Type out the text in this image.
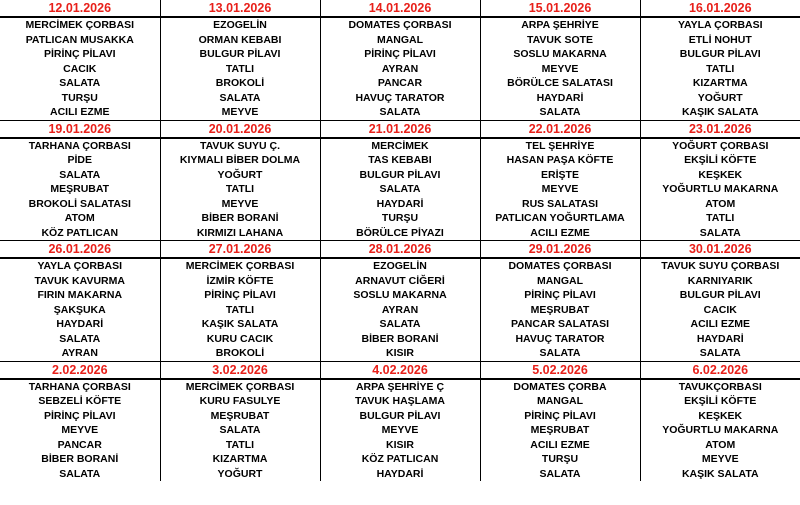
12.01.2026	13.01.2026	14.01.2026	15.01.2026	16.01.2026
MERCİMEK ÇORBASI	EZOGELİN	DOMATES ÇORBASI	ARPA ŞEHRİYE	YAYLA ÇORBASI
PATLICAN MUSAKKA	ORMAN KEBABI	MANGAL	TAVUK SOTE	ETLİ NOHUT
PİRİNÇ PİLAVI	BULGUR PİLAVI	PİRİNÇ PİLAVI	SOSLU MAKARNA	BULGUR PİLAVI
CACIK	TATLI	AYRAN	MEYVE	TATLI
SALATA	BROKOLİ	PANCAR	BÖRÜLCE SALATASI	KIZARTMA
TURŞU	SALATA	HAVUÇ TARATOR	HAYDARİ	YOĞURT
ACILI EZME	MEYVE	SALATA	SALATA	KAŞIK SALATA
19.01.2026	20.01.2026	21.01.2026	22.01.2026	23.01.2026
TARHANA ÇORBASI	TAVUK SUYU Ç.	MERCİMEK	TEL ŞEHRİYE	YOĞURT ÇORBASI
PİDE	KIYMALI BİBER DOLMA	TAS KEBABI	HASAN PAŞA KÖFTE	EKŞİLİ KÖFTE
SALATA	YOĞURT	BULGUR PİLAVI	ERİŞTE	KEŞKEK
MEŞRUBAT	TATLI	SALATA	MEYVE	YOĞURTLU MAKARNA
BROKOLİ SALATASI	MEYVE	HAYDARİ	RUS SALATASI	ATOM
ATOM	BİBER BORANİ	TURŞU	PATLICAN YOĞURTLAMA	TATLI
KÖZ PATLICAN	KIRMIZI LAHANA	BÖRÜLCE PİYAZI	ACILI EZME	SALATA
26.01.2026	27.01.2026	28.01.2026	29.01.2026	30.01.2026
YAYLA ÇORBASI	MERCİMEK ÇORBASI	EZOGELİN	DOMATES ÇORBASI	TAVUK SUYU ÇORBASI
TAVUK KAVURMA	İZMİR KÖFTE	ARNAVUT CİĞERİ	MANGAL	KARNIYARIK
FIRIN MAKARNA	PİRİNÇ PİLAVI	SOSLU MAKARNA	PİRİNÇ PİLAVI	BULGUR PİLAVI
ŞAKŞUKA	TATLI	AYRAN	MEŞRUBAT	CACIK
HAYDARİ	KAŞIK SALATA	SALATA	PANCAR SALATASI	ACILI EZME
SALATA	KURU CACIK	BİBER BORANİ	HAVUÇ TARATOR	HAYDARİ
AYRAN	BROKOLİ	KISIR	SALATA	SALATA
2.02.2026	3.02.2026	4.02.2026	5.02.2026	6.02.2026
TARHANA ÇORBASI	MERCİMEK ÇORBASI	ARPA ŞEHRİYE Ç	DOMATES ÇORBA	TAVUKÇORBASI
SEBZELİ KÖFTE	KURU FASULYE	TAVUK HAŞLAMA	MANGAL	EKŞİLİ KÖFTE
PİRİNÇ PİLAVI	MEŞRUBAT	BULGUR PİLAVI	PİRİNÇ PİLAVI	KEŞKEK
MEYVE	SALATA	MEYVE	MEŞRUBAT	YOĞURTLU MAKARNA
PANCAR	TATLI	KISIR	ACILI EZME	ATOM
BİBER BORANİ	KIZARTMA	KÖZ PATLICAN	TURŞU	MEYVE
SALATA	YOĞURT	HAYDARİ	SALATA	KAŞIK SALATA
